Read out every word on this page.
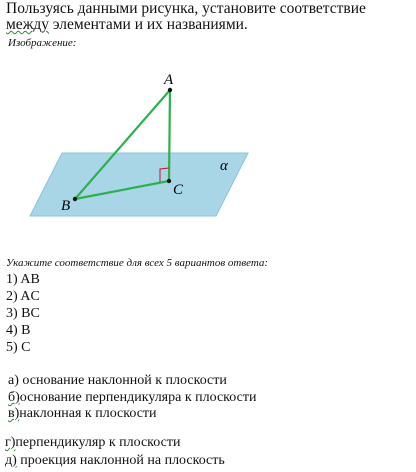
Пользуясь данными рисунка, установите соответствие между элементами и их названиями.
Изображение:
A
B
C
α
Укажите соответствие для всех 5 вариантов ответа:
1) AB
2) AC
3) BC
4) B
5) C
а) основание наклонной к плоскости
б)основание перпендикуляра к плоскости
в)наклонная к плоскости
г)перпендикуляр к плоскости
д) проекция наклонной на плоскость
